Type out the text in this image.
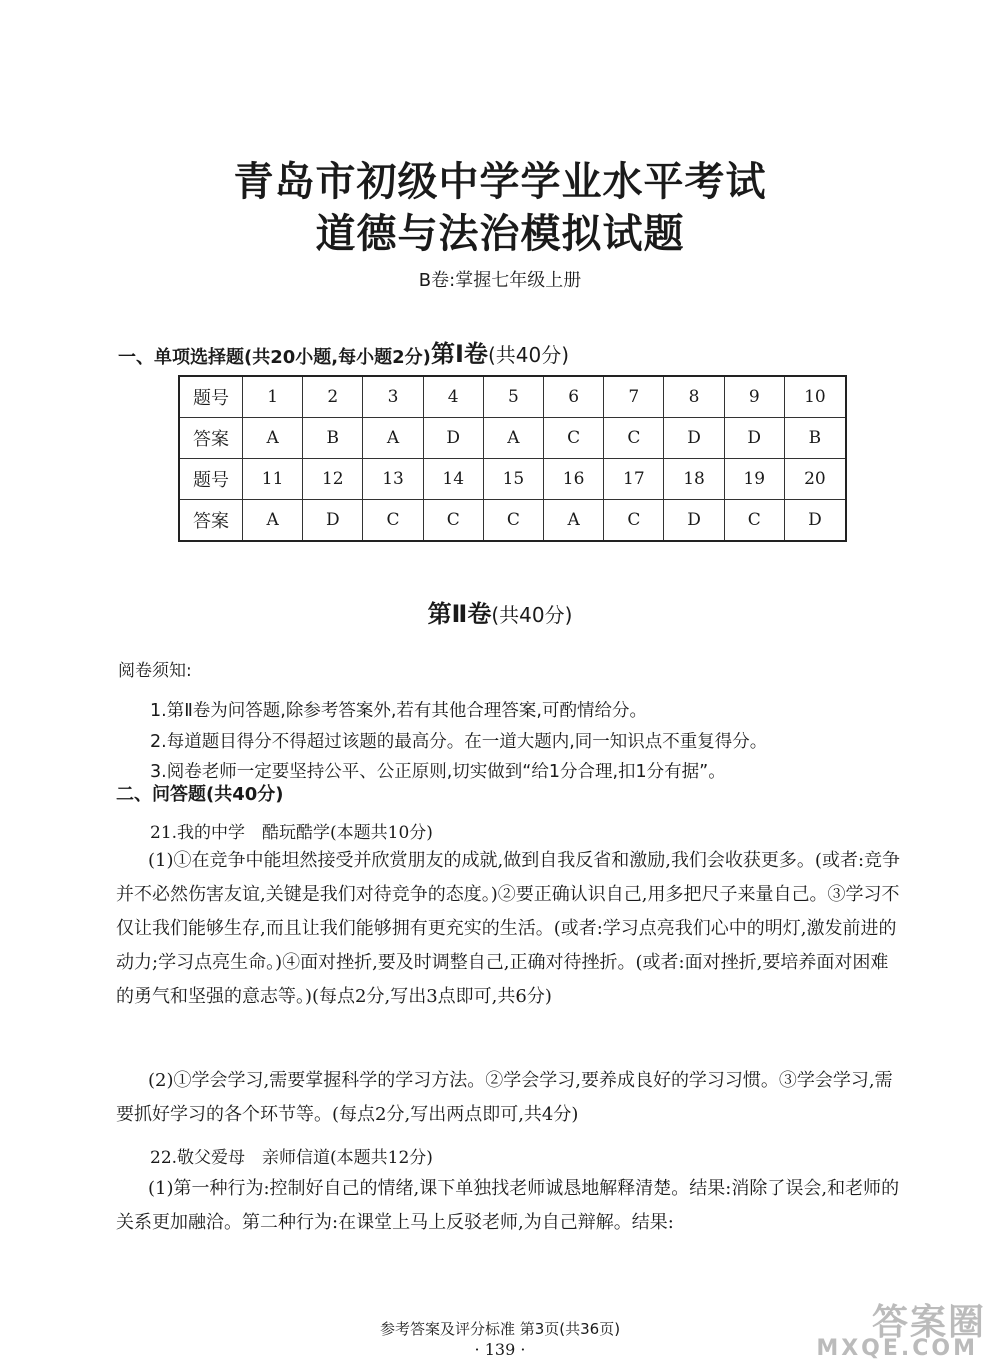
青岛市初级中学学业水平考试
道德与法治模拟试题
B卷:掌握七年级上册
第Ⅰ卷(共40分)
一、单项选择题(共20小题,每小题2分)
题号	1	2	3	4	5	6	7	8	9	10
答案	A	B	A	D	A	C	C	D	D	B
题号	11	12	13	14	15	16	17	18	19	20
答案	A	D	C	C	C	A	C	D	C	D
第Ⅱ卷(共40分)
阅卷须知:
1.第Ⅱ卷为问答题,除参考答案外,若有其他合理答案,可酌情给分。
2.每道题目得分不得超过该题的最高分。在一道大题内,同一知识点不重复得分。
3.阅卷老师一定要坚持公平、公正原则,切实做到“给1分合理,扣1分有据”。
二、问答题(共40分)
21.我的中学　酷玩酷学(本题共10分)
(1)①在竞争中能坦然接受并欣赏朋友的成就,做到自我反省和激励,我们会收获更多。(或者:竞争并不必然伤害友谊,关键是我们对待竞争的态度。)②要正确认识自己,用多把尺子来量自己。③学习不仅让我们能够生存,而且让我们能够拥有更充实的生活。(或者:学习点亮我们心中的明灯,激发前进的动力;学习点亮生命。)④面对挫折,要及时调整自己,正确对待挫折。(或者:面对挫折,要培养面对困难的勇气和坚强的意志等。)(每点2分,写出3点即可,共6分)
(2)①学会学习,需要掌握科学的学习方法。②学会学习,要养成良好的学习习惯。③学会学习,需要抓好学习的各个环节等。(每点2分,写出两点即可,共4分)
22.敬父爱母　亲师信道(本题共12分)
(1)第一种行为:控制好自己的情绪,课下单独找老师诚恳地解释清楚。结果:消除了误会,和老师的关系更加融洽。第二种行为:在课堂上马上反驳老师,为自己辩解。结果:
参考答案及评分标准 第3页(共36页)
· 139 ·
答案圈
MXQE.COM
